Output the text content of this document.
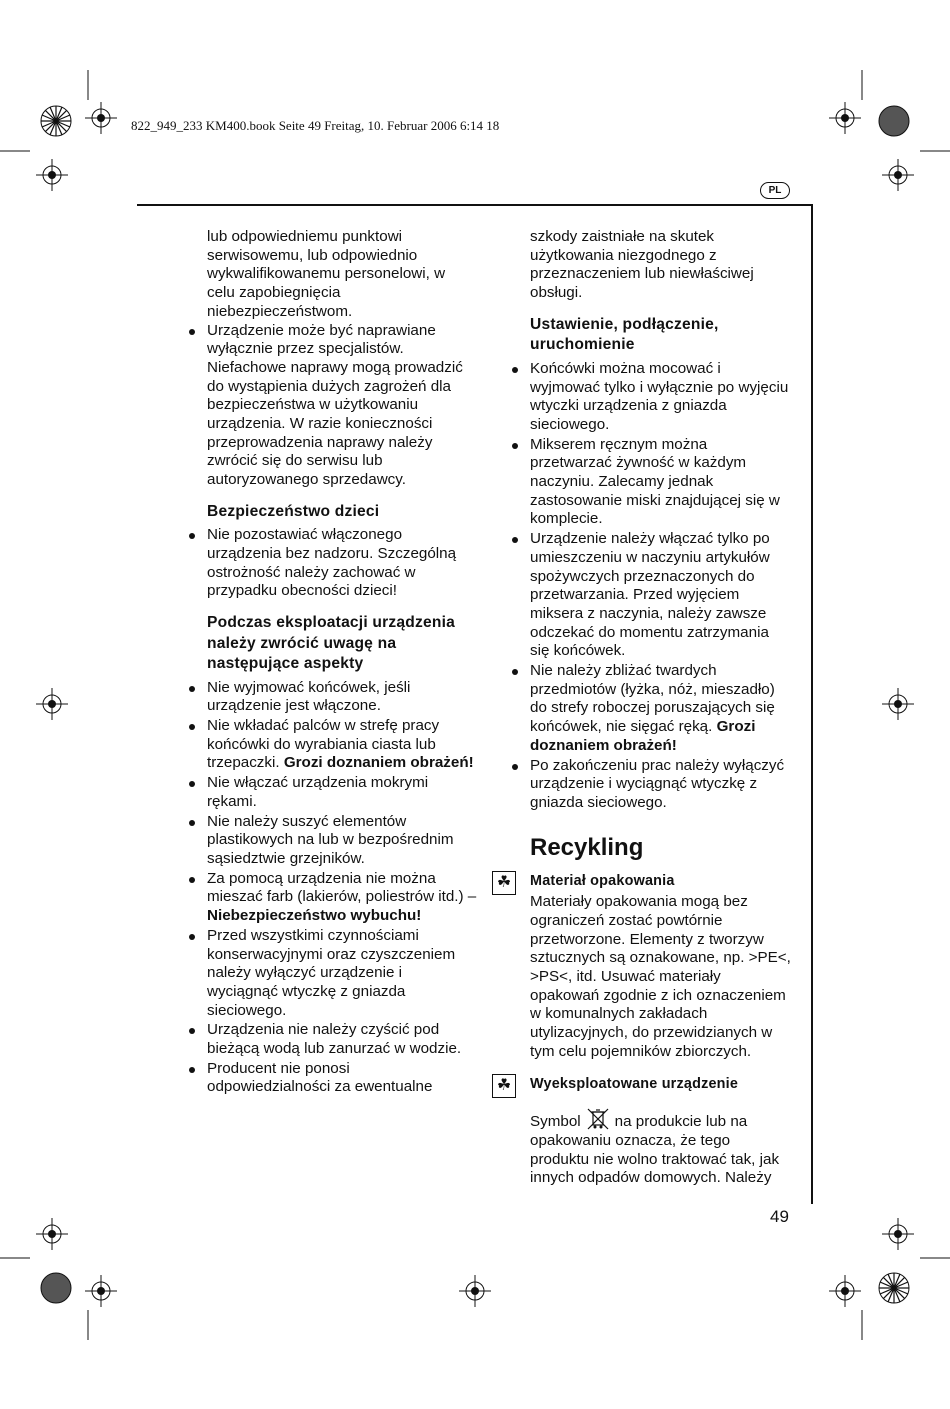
822_949_233 KM400.book Seite 49 Freitag, 10. Februar 2006 6:14 18
PL

lub odpowiedniemu punktowi serwisowemu, lub odpowiednio wykwalifikowanemu personelowi, w celu zapobiegnięcia niebezpieczeństwom.

Urządzenie może być naprawiane wyłącznie przez specjalistów. Niefachowe naprawy mogą prowadzić do wystąpienia dużych zagrożeń dla bezpieczeństwa w użytkowaniu urządzenia. W razie konieczności przeprowadzenia naprawy należy zwrócić się do serwisu lub autoryzowanego sprzedawcy.
Bezpieczeństwo dzieci
Nie pozostawiać włączonego urządzenia bez nadzoru. Szczególną ostrożność należy zachować w przypadku obecności dzieci!
Podczas eksploatacji urządzenia należy zwrócić uwagę na następujące aspekty
Nie wyjmować końcówek, jeśli urządzenie jest włączone.
Nie wkładać palców w strefę pracy końcówki do wyrabiania ciasta lub trzepaczki. Grozi doznaniem obrażeń!
Nie włączać urządzenia mokrymi rękami.
Nie należy suszyć elementów plastikowych na lub w bezpośrednim sąsiedztwie grzejników.
Za pomocą urządzenia nie można mieszać farb (lakierów, poliestrów itd.) – Niebezpieczeństwo wybuchu!
Przed wszystkimi czynnościami konserwacyjnymi oraz czyszczeniem należy wyłączyć urządzenie i wyciągnąć wtyczkę z gniazda sieciowego.
Urządzenia nie należy czyścić pod bieżącą wodą lub zanurzać w wodzie.
Producent nie ponosi odpowiedzialności za ewentualne

szkody zaistniałe na skutek użytkowania niezgodnego z przeznaczeniem lub niewłaściwej obsługi.

Ustawienie, podłączenie, uruchomienie
Końcówki można mocować i wyjmować tylko i wyłącznie po wyjęciu wtyczki urządzenia z gniazda sieciowego.
Mikserem ręcznym można przetwarzać żywność w każdym naczyniu. Zalecamy jednak zastosowanie miski znajdującej się w komplecie.
Urządzenie należy włączać tylko po umieszczeniu w naczyniu artykułów spożywczych przeznaczonych do przetwarzania. Przed wyjęciem miksera z naczynia, należy zawsze odczekać do momentu zatrzymania się końcówek.
Nie należy zbliżać twardych przedmiotów (łyżka, nóż, mieszadło) do strefy roboczej poruszających się końcówek, nie sięgać ręką. Grozi doznaniem obrażeń!
Po zakończeniu prac należy wyłączyć urządzenie i wyciągnąć wtyczkę z gniazda sieciowego.
Recykling
☘	Materiał opakowania

Materiały opakowania mogą bez ograniczeń zostać powtórnie przetworzone. Elementy z tworzyw sztucznych są oznakowane, np. >PE<, >PS<, itd. Usuwać materiały opakowań zgodnie z ich oznaczeniem w komunalnych zakładach utylizacyjnych, do przewidzianych w tym celu pojemników zbiorczych.

☘	Wyeksploatowane urządzenie

Symbol na produkcie lub na opakowaniu oznacza, że tego produktu nie wolno traktować tak, jak innych odpadów domowych. Należy

49
